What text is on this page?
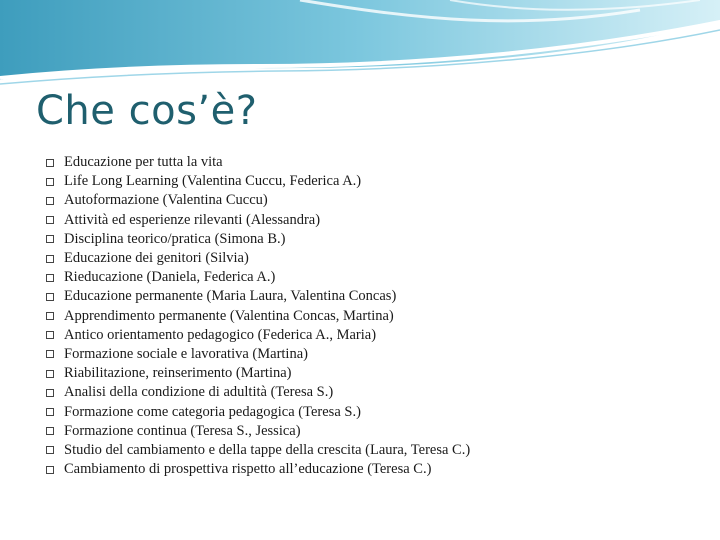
Che cos’è?
Educazione per tutta la vita
Life Long Learning (Valentina Cuccu, Federica A.)
Autoformazione (Valentina Cuccu)
Attività ed esperienze rilevanti (Alessandra)
Disciplina teorico/pratica (Simona B.)
Educazione dei genitori (Silvia)
Rieducazione (Daniela, Federica A.)
Educazione permanente (Maria Laura, Valentina Concas)
Apprendimento permanente (Valentina Concas, Martina)
Antico orientamento pedagogico (Federica A., Maria)
Formazione sociale e lavorativa (Martina)
Riabilitazione, reinserimento (Martina)
Analisi della condizione di adultità (Teresa S.)
Formazione come categoria pedagogica (Teresa S.)
Formazione continua (Teresa S., Jessica)
Studio del cambiamento e della tappe della crescita (Laura, Teresa C.)
Cambiamento di prospettiva rispetto all’educazione (Teresa C.)
